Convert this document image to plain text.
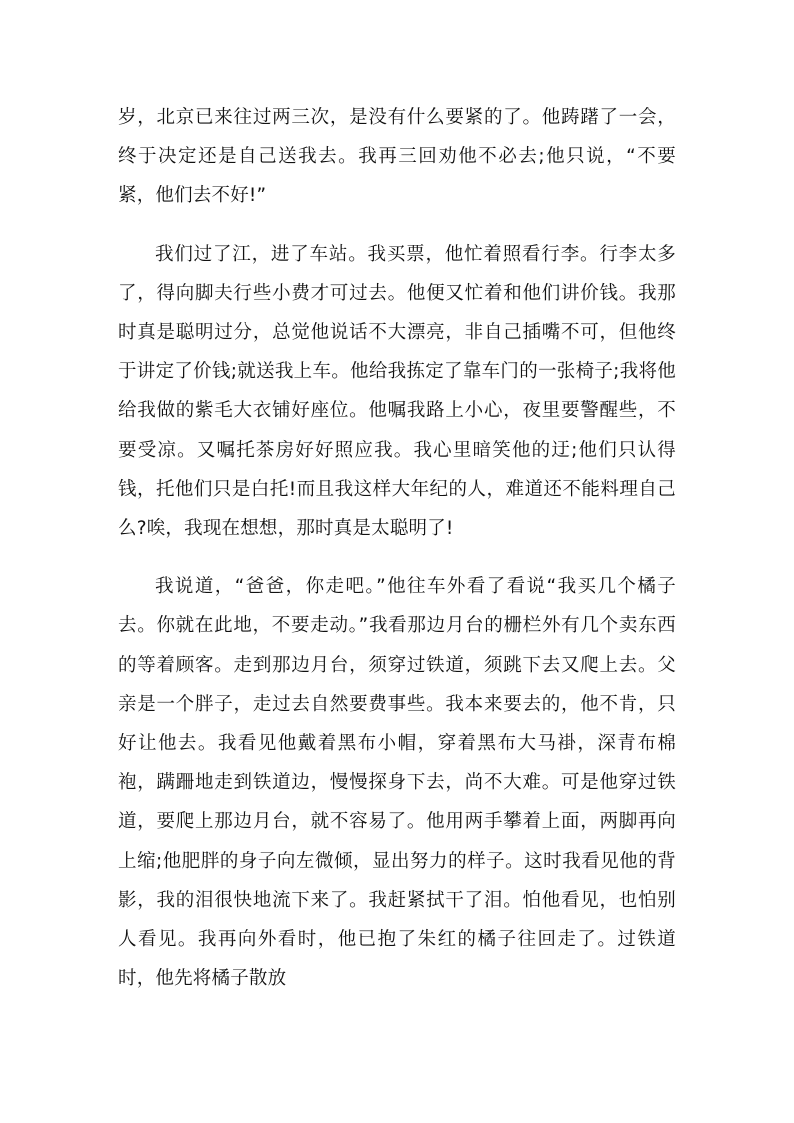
岁，北京已来往过两三次，是没有什么要紧的了。他踌躇了一会，终于决定还是自己送我去。我再三回劝他不必去;他只说，“不要紧，他们去不好!”

我们过了江，进了车站。我买票，他忙着照看行李。行李太多了，得向脚夫行些小费才可过去。他便又忙着和他们讲价钱。我那时真是聪明过分，总觉他说话不大漂亮，非自己插嘴不可，但他终于讲定了价钱;就送我上车。他给我拣定了靠车门的一张椅子;我将他给我做的紫毛大衣铺好座位。他嘱我路上小心，夜里要警醒些，不要受凉。又嘱托茶房好好照应我。我心里暗笑他的迂;他们只认得钱，托他们只是白托!而且我这样大年纪的人，难道还不能料理自己么?唉，我现在想想，那时真是太聪明了!

我说道，“爸爸，你走吧。”他往车外看了看说“我买几个橘子去。你就在此地，不要走动。”我看那边月台的栅栏外有几个卖东西的等着顾客。走到那边月台，须穿过铁道，须跳下去又爬上去。父亲是一个胖子，走过去自然要费事些。我本来要去的，他不肯，只好让他去。我看见他戴着黑布小帽，穿着黑布大马褂，深青布棉袍，蹒跚地走到铁道边，慢慢探身下去，尚不大难。可是他穿过铁道，要爬上那边月台，就不容易了。他用两手攀着上面，两脚再向上缩;他肥胖的身子向左微倾，显出努力的样子。这时我看见他的背影，我的泪很快地流下来了。我赶紧拭干了泪。怕他看见，也怕别人看见。我再向外看时，他已抱了朱红的橘子往回走了。过铁道时，他先将橘子散放
